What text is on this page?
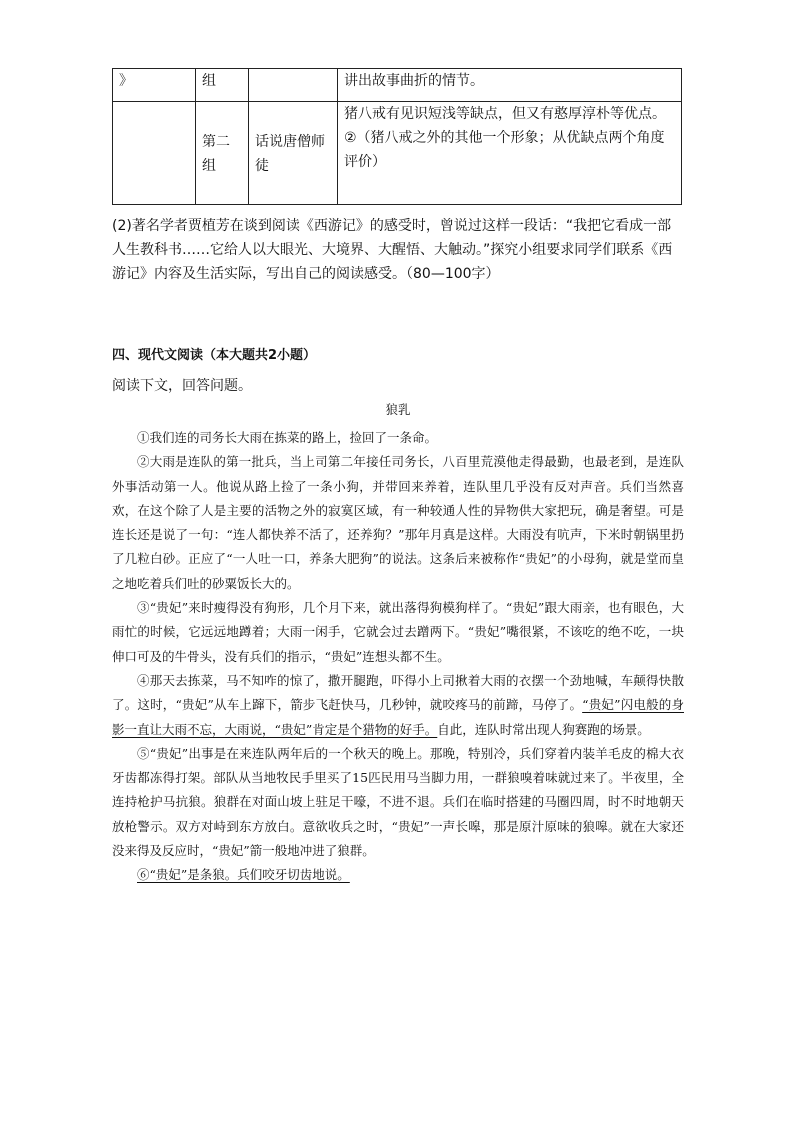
》	组		讲出故事曲折的情节。

	第二组	话说唐僧师徒	猪八戒有见识短浅等缺点，但又有憨厚淳朴等优点。
②（猪八戒之外的其他一个形象；从优缺点两个角度评价）
(2)著名学者贾植芳在谈到阅读《西游记》的感受时，曾说过这样一段话：“我把它看成一部人生教科书……它给人以大眼光、大境界、大醒悟、大触动。”探究小组要求同学们联系《西游记》内容及生活实际，写出自己的阅读感受。（80—100字）
四、现代文阅读（本大题共2小题）
阅读下文，回答问题。
狼乳

①我们连的司务长大雨在拣菜的路上，捡回了一条命。

②大雨是连队的第一批兵，当上司第二年接任司务长，八百里荒漠他走得最勤，也最老到，是连队外事活动第一人。他说从路上捡了一条小狗，并带回来养着，连队里几乎没有反对声音。兵们当然喜欢，在这个除了人是主要的活物之外的寂寞区域，有一种较通人性的异物供大家把玩，确是奢望。可是连长还是说了一句：“连人都快养不活了，还养狗？”那年月真是这样。大雨没有吭声，下米时朝锅里扔了几粒白砂。正应了“一人吐一口，养条大肥狗”的说法。这条后来被称作“贵妃”的小母狗，就是堂而皇之地吃着兵们吐的砂粟饭长大的。

③“贵妃”来时瘦得没有狗形，几个月下来，就出落得狗模狗样了。“贵妃”跟大雨亲，也有眼色，大雨忙的时候，它远远地蹲着；大雨一闲手，它就会过去蹭两下。“贵妃”嘴很紧，不该吃的绝不吃，一块伸口可及的牛骨头，没有兵们的指示，“贵妃”连想头都不生。

④那天去拣菜，马不知咋的惊了，撒开腿跑，吓得小上司揪着大雨的衣摆一个劲地喊，车颠得快散了。这时，“贵妃”从车上蹿下，箭步飞赶快马，几秒钟，就咬疼马的前蹄，马停了。“贵妃”闪电般的身影一直让大雨不忘，大雨说，“贵妃”肯定是个猎物的好手。自此，连队时常出现人狗赛跑的场景。

⑤“贵妃”出事是在来连队两年后的一个秋天的晚上。那晚，特别冷，兵们穿着内装羊毛皮的棉大衣牙齿都冻得打架。部队从当地牧民手里买了15匹民用马当脚力用，一群狼嗅着味就过来了。半夜里，全连持枪护马抗狼。狼群在对面山坡上驻足干嚎，不进不退。兵们在临时搭建的马圈四周，时不时地朝天放枪警示。双方对峙到东方放白。意欲收兵之时，“贵妃”一声长嗥，那是原汁原味的狼嗥。就在大家还没来得及反应时，“贵妃”箭一般地冲进了狼群。

⑥“贵妃”是条狼。兵们咬牙切齿地说。
